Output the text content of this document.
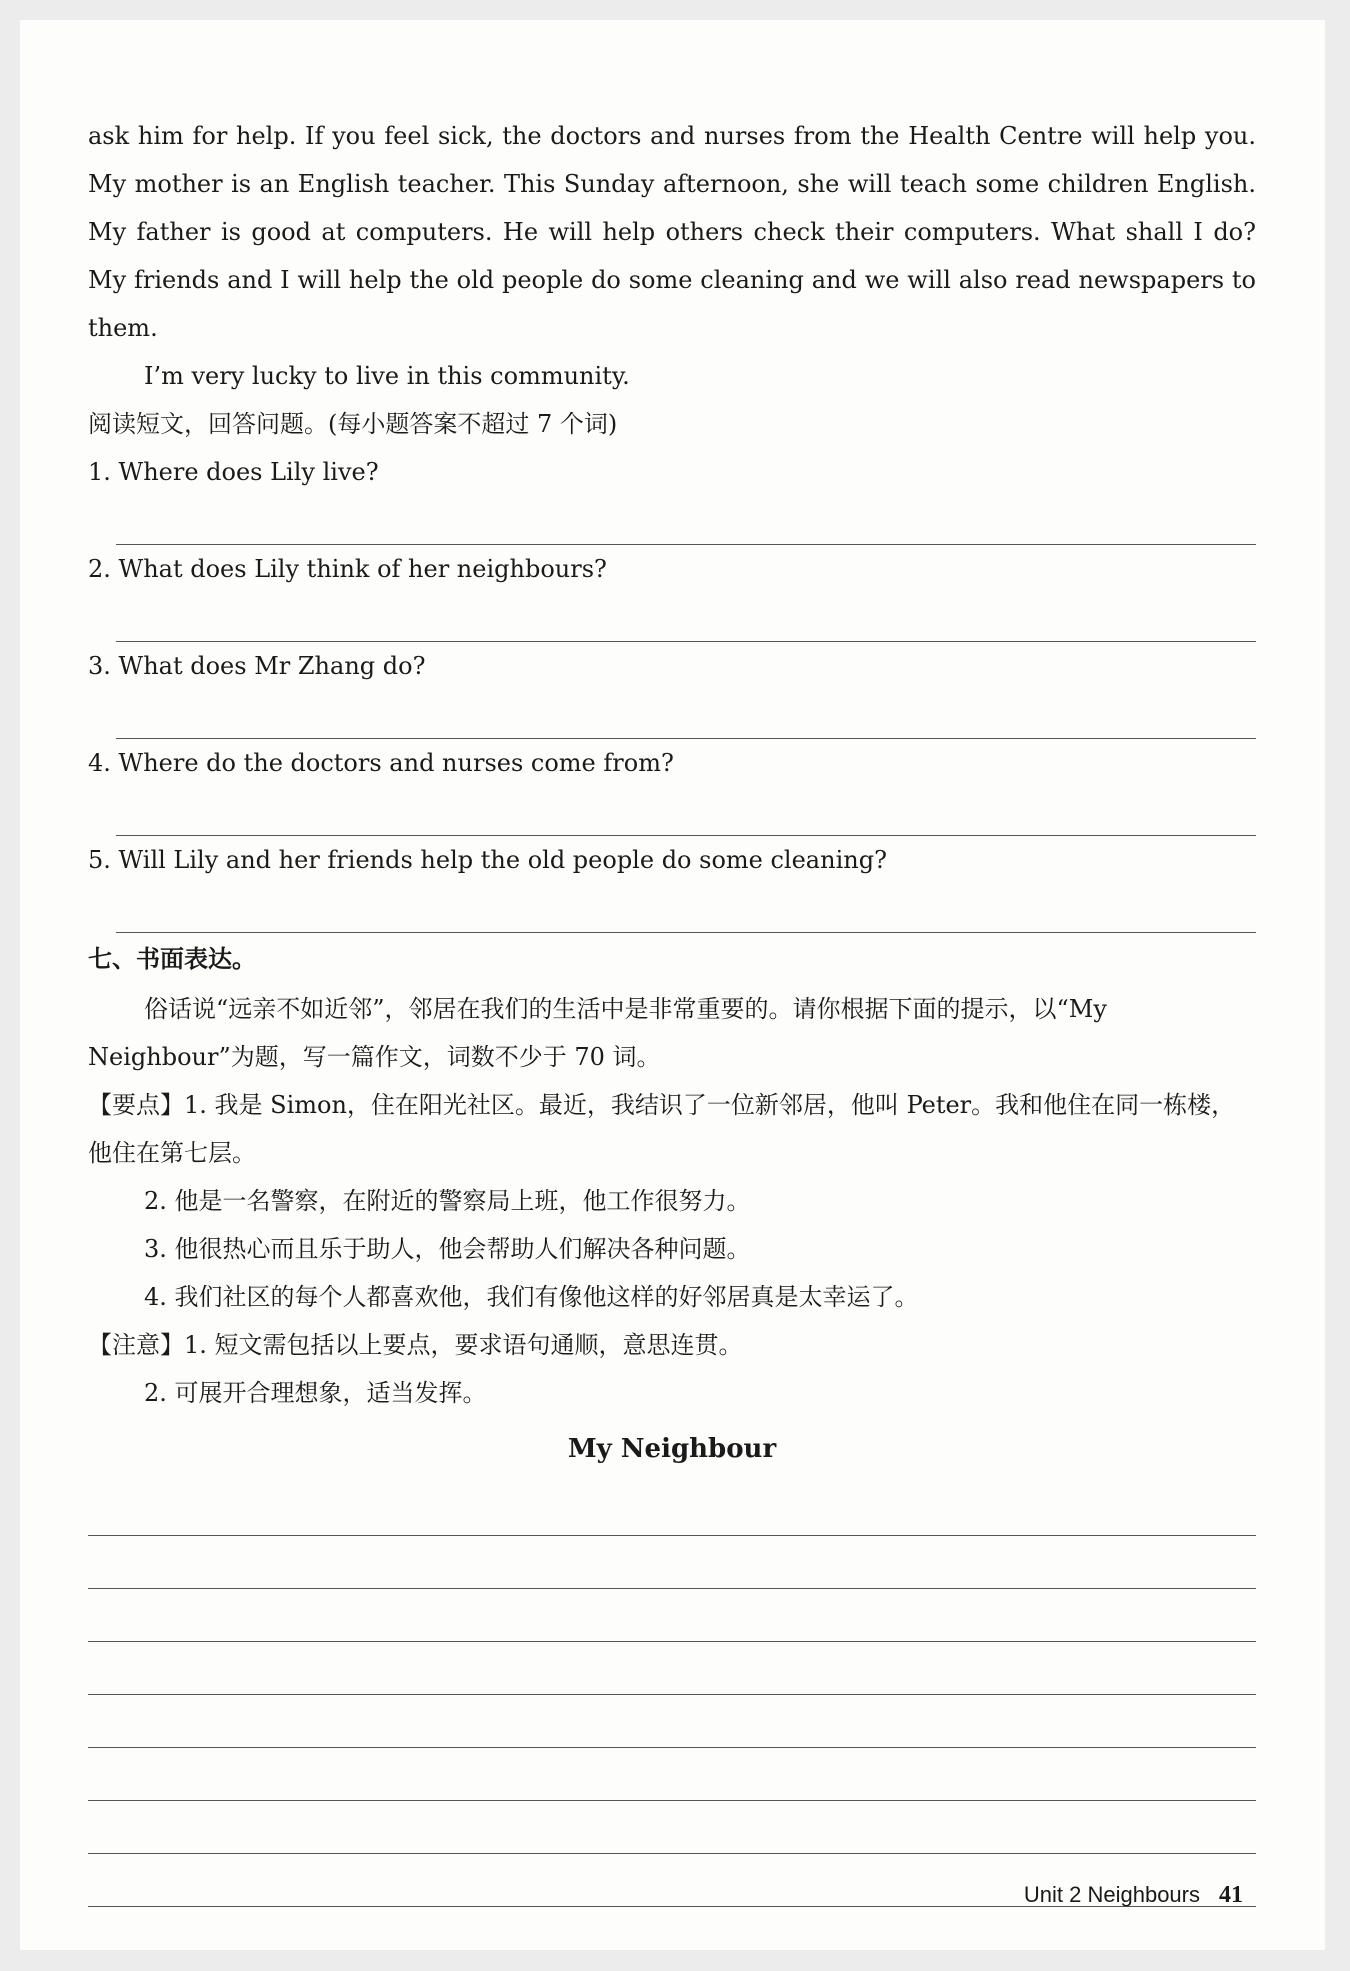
ask him for help. If you feel sick, the doctors and nurses from the Health Centre will help you. My mother is an English teacher. This Sunday afternoon, she will teach some children English. My father is good at computers. He will help others check their computers. What shall I do? My friends and I will help the old people do some cleaning and we will also read newspapers to them.

I’m very lucky to live in this community.

阅读短文，回答问题。(每小题答案不超过 7 个词)

1. Where does Lily live?

2. What does Lily think of her neighbours?

3. What does Mr Zhang do?

4. Where do the doctors and nurses come from?

5. Will Lily and her friends help the old people do some cleaning?

七、书面表达。

俗话说“远亲不如近邻”，邻居在我们的生活中是非常重要的。请你根据下面的提示，以“My Neighbour”为题，写一篇作文，词数不少于 70 词。

【要点】1. 我是 Simon，住在阳光社区。最近，我结识了一位新邻居，他叫 Peter。我和他住在同一栋楼，他住在第七层。

2. 他是一名警察，在附近的警察局上班，他工作很努力。

3. 他很热心而且乐于助人，他会帮助人们解决各种问题。

4. 我们社区的每个人都喜欢他，我们有像他这样的好邻居真是太幸运了。

【注意】1. 短文需包括以上要点，要求语句通顺，意思连贯。

2. 可展开合理想象，适当发挥。

My Neighbour

Unit 2 Neighbours 41
